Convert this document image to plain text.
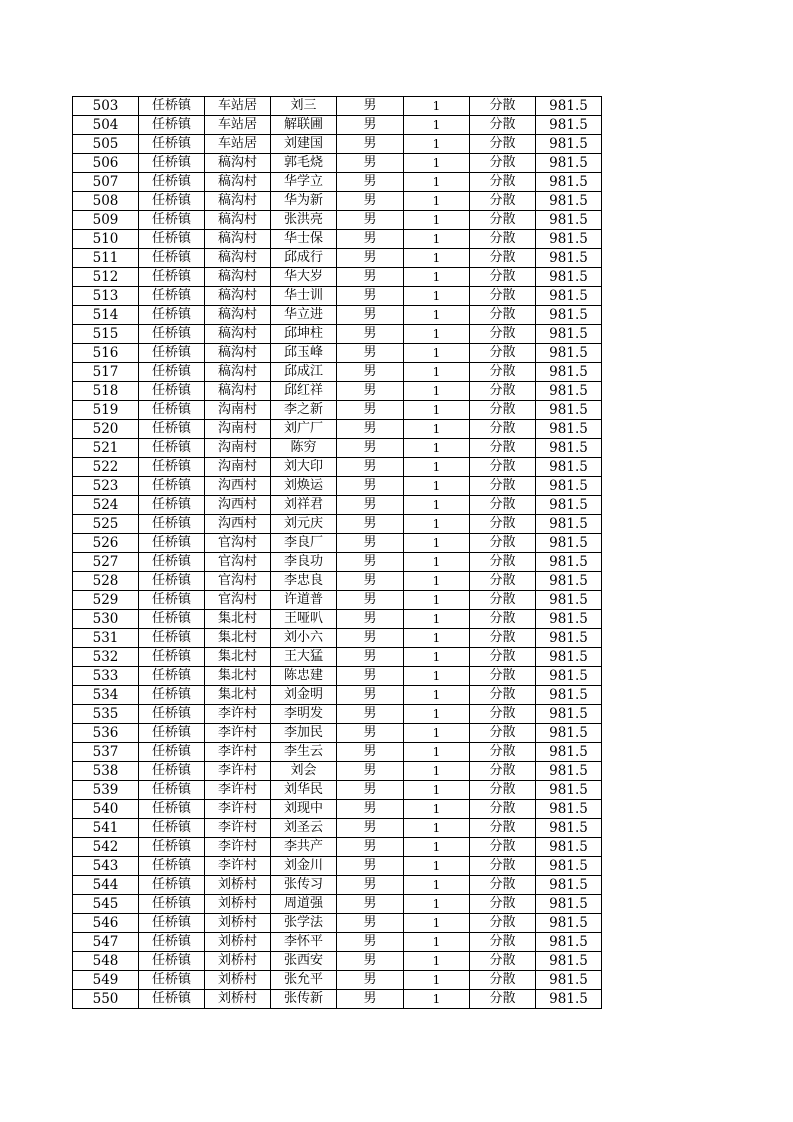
503	任桥镇	车站居	刘三	男	1	分散	981.5
504	任桥镇	车站居	解联圃	男	1	分散	981.5
505	任桥镇	车站居	刘建国	男	1	分散	981.5
506	任桥镇	稿沟村	郭毛烧	男	1	分散	981.5
507	任桥镇	稿沟村	华学立	男	1	分散	981.5
508	任桥镇	稿沟村	华为新	男	1	分散	981.5
509	任桥镇	稿沟村	张洪亮	男	1	分散	981.5
510	任桥镇	稿沟村	华士保	男	1	分散	981.5
511	任桥镇	稿沟村	邱成行	男	1	分散	981.5
512	任桥镇	稿沟村	华大岁	男	1	分散	981.5
513	任桥镇	稿沟村	华士训	男	1	分散	981.5
514	任桥镇	稿沟村	华立进	男	1	分散	981.5
515	任桥镇	稿沟村	邱坤柱	男	1	分散	981.5
516	任桥镇	稿沟村	邱玉峰	男	1	分散	981.5
517	任桥镇	稿沟村	邱成江	男	1	分散	981.5
518	任桥镇	稿沟村	邱红祥	男	1	分散	981.5
519	任桥镇	沟南村	李之新	男	1	分散	981.5
520	任桥镇	沟南村	刘广厂	男	1	分散	981.5
521	任桥镇	沟南村	陈穷	男	1	分散	981.5
522	任桥镇	沟南村	刘大印	男	1	分散	981.5
523	任桥镇	沟西村	刘焕运	男	1	分散	981.5
524	任桥镇	沟西村	刘祥君	男	1	分散	981.5
525	任桥镇	沟西村	刘元庆	男	1	分散	981.5
526	任桥镇	官沟村	李良厂	男	1	分散	981.5
527	任桥镇	官沟村	李良功	男	1	分散	981.5
528	任桥镇	官沟村	李忠良	男	1	分散	981.5
529	任桥镇	官沟村	许道普	男	1	分散	981.5
530	任桥镇	集北村	王哑叭	男	1	分散	981.5
531	任桥镇	集北村	刘小六	男	1	分散	981.5
532	任桥镇	集北村	王大猛	男	1	分散	981.5
533	任桥镇	集北村	陈忠建	男	1	分散	981.5
534	任桥镇	集北村	刘金明	男	1	分散	981.5
535	任桥镇	李许村	李明发	男	1	分散	981.5
536	任桥镇	李许村	李加民	男	1	分散	981.5
537	任桥镇	李许村	李生云	男	1	分散	981.5
538	任桥镇	李许村	刘会	男	1	分散	981.5
539	任桥镇	李许村	刘华民	男	1	分散	981.5
540	任桥镇	李许村	刘现中	男	1	分散	981.5
541	任桥镇	李许村	刘圣云	男	1	分散	981.5
542	任桥镇	李许村	李共产	男	1	分散	981.5
543	任桥镇	李许村	刘金川	男	1	分散	981.5
544	任桥镇	刘桥村	张传习	男	1	分散	981.5
545	任桥镇	刘桥村	周道强	男	1	分散	981.5
546	任桥镇	刘桥村	张学法	男	1	分散	981.5
547	任桥镇	刘桥村	李怀平	男	1	分散	981.5
548	任桥镇	刘桥村	张西安	男	1	分散	981.5
549	任桥镇	刘桥村	张允平	男	1	分散	981.5
550	任桥镇	刘桥村	张传新	男	1	分散	981.5
